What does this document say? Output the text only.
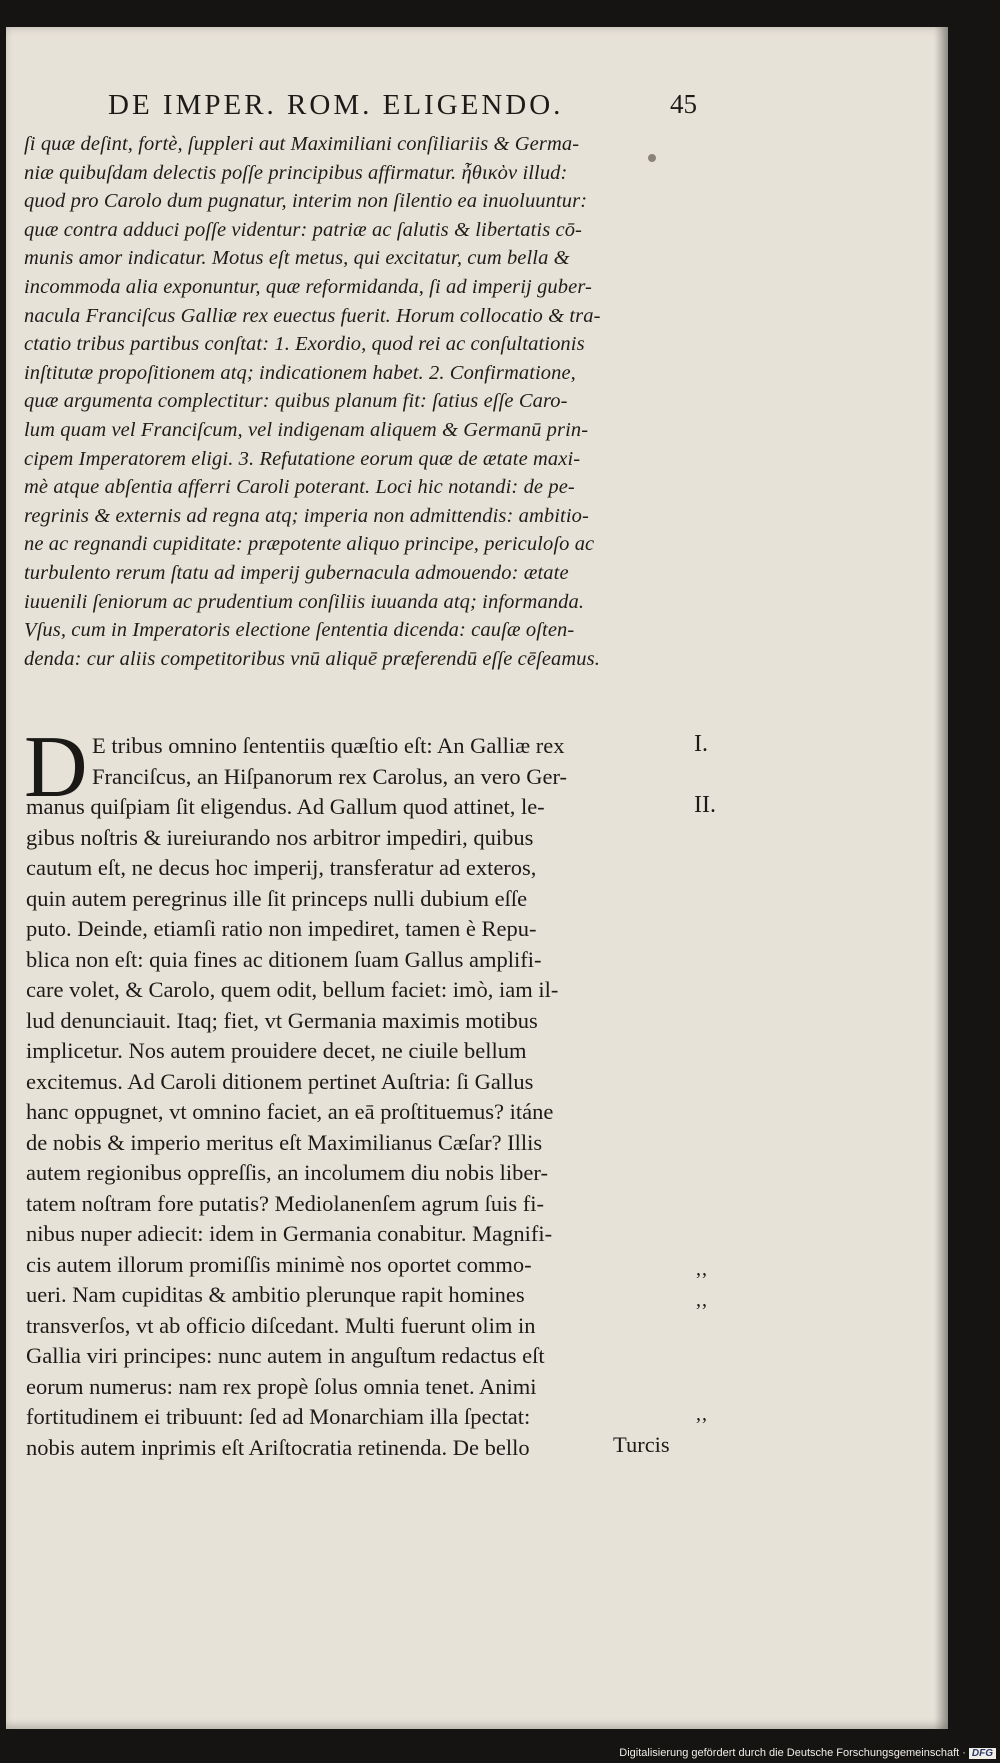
DE IMPER. ROM. ELIGENDO.	45
ſi quæ deſint, fortè, ſuppleri aut Maximiliani conſiliariis & Germa-
niæ quibuſdam delectis poſſe principibus affirmatur. ἦθικὸν illud:
quod pro Carolo dum pugnatur, interim non ſilentio ea inuoluuntur:
quæ contra adduci poſſe videntur: patriæ ac ſalutis & libertatis cō-
munis amor indicatur. Motus eſt metus, qui excitatur, cum bella &
incommoda alia exponuntur, quæ reformidanda, ſi ad imperij guber-
nacula Franciſcus Galliæ rex euectus fuerit. Horum collocatio & tra-
ctatio tribus partibus conſtat: 1. Exordio, quod rei ac conſultationis
inſtitutæ propoſitionem atq; indicationem habet. 2. Confirmatione,
quæ argumenta complectitur: quibus planum fit: ſatius eſſe Caro-
lum quam vel Franciſcum, vel indigenam aliquem & Germanū prin-
cipem Imperatorem eligi. 3. Refutatione eorum quæ de ætate maxi-
mè atque abſentia afferri Caroli poterant. Loci hic notandi: de pe-
regrinis & externis ad regna atq; imperia non admittendis: ambitio-
ne ac regnandi cupiditate: præpotente aliquo principe, periculoſo ac
turbulento rerum ſtatu ad imperij gubernacula admouendo: ætate
iuuenili ſeniorum ac prudentium conſiliis iuuanda atq; informanda.
Vſus, cum in Imperatoris electione ſententia dicenda: cauſæ oſten-
denda: cur aliis competitoribus vnū aliquē præferendū eſſe cēſeamus.
D E tribus omnino ſententiis quæſtio eſt: An Galliæ rex
Franciſcus, an Hiſpanorum rex Carolus, an vero Ger-
manus quiſpiam ſit eligendus. Ad Gallum quod attinet, le-
gibus noſtris & iureiurando nos arbitror impediri, quibus
cautum eſt, ne decus hoc imperij, transferatur ad exteros,
quin autem peregrinus ille ſit princeps nulli dubium eſſe
puto. Deinde, etiamſi ratio non impediret, tamen è Repu-
blica non eſt: quia fines ac ditionem ſuam Gallus amplifi-
care volet, & Carolo, quem odit, bellum faciet: imò, iam il-
lud denunciauit. Itaq; fiet, vt Germania maximis motibus
implicetur. Nos autem prouidere decet, ne ciuile bellum
excitemus. Ad Caroli ditionem pertinet Auſtria: ſi Gallus
hanc oppugnet, vt omnino faciet, an eā proſtituemus? itáne
de nobis & imperio meritus eſt Maximilianus Cæſar? Illis
autem regionibus oppreſſis, an incolumem diu nobis liber-
tatem noſtram fore putatis? Mediolanenſem agrum ſuis fi-
nibus nuper adiecit: idem in Germania conabitur. Magnifi-
cis autem illorum promiſſis minimè nos oportet commo-
ueri. Nam cupiditas & ambitio plerunque rapit homines
transverſos, vt ab officio diſcedant. Multi fuerunt olim in
Gallia viri principes: nunc autem in anguſtum redactus eſt
eorum numerus: nam rex propè ſolus omnia tenet. Animi
fortitudinem ei tribuunt: ſed ad Monarchiam illa ſpectat:
nobis autem inprimis eſt Ariſtocratia retinenda. De bello
I.
II.
,,
,,
,,
Turcis
Digitalisierung gefördert durch die Deutsche Forschungsgemeinschaft · DFG
